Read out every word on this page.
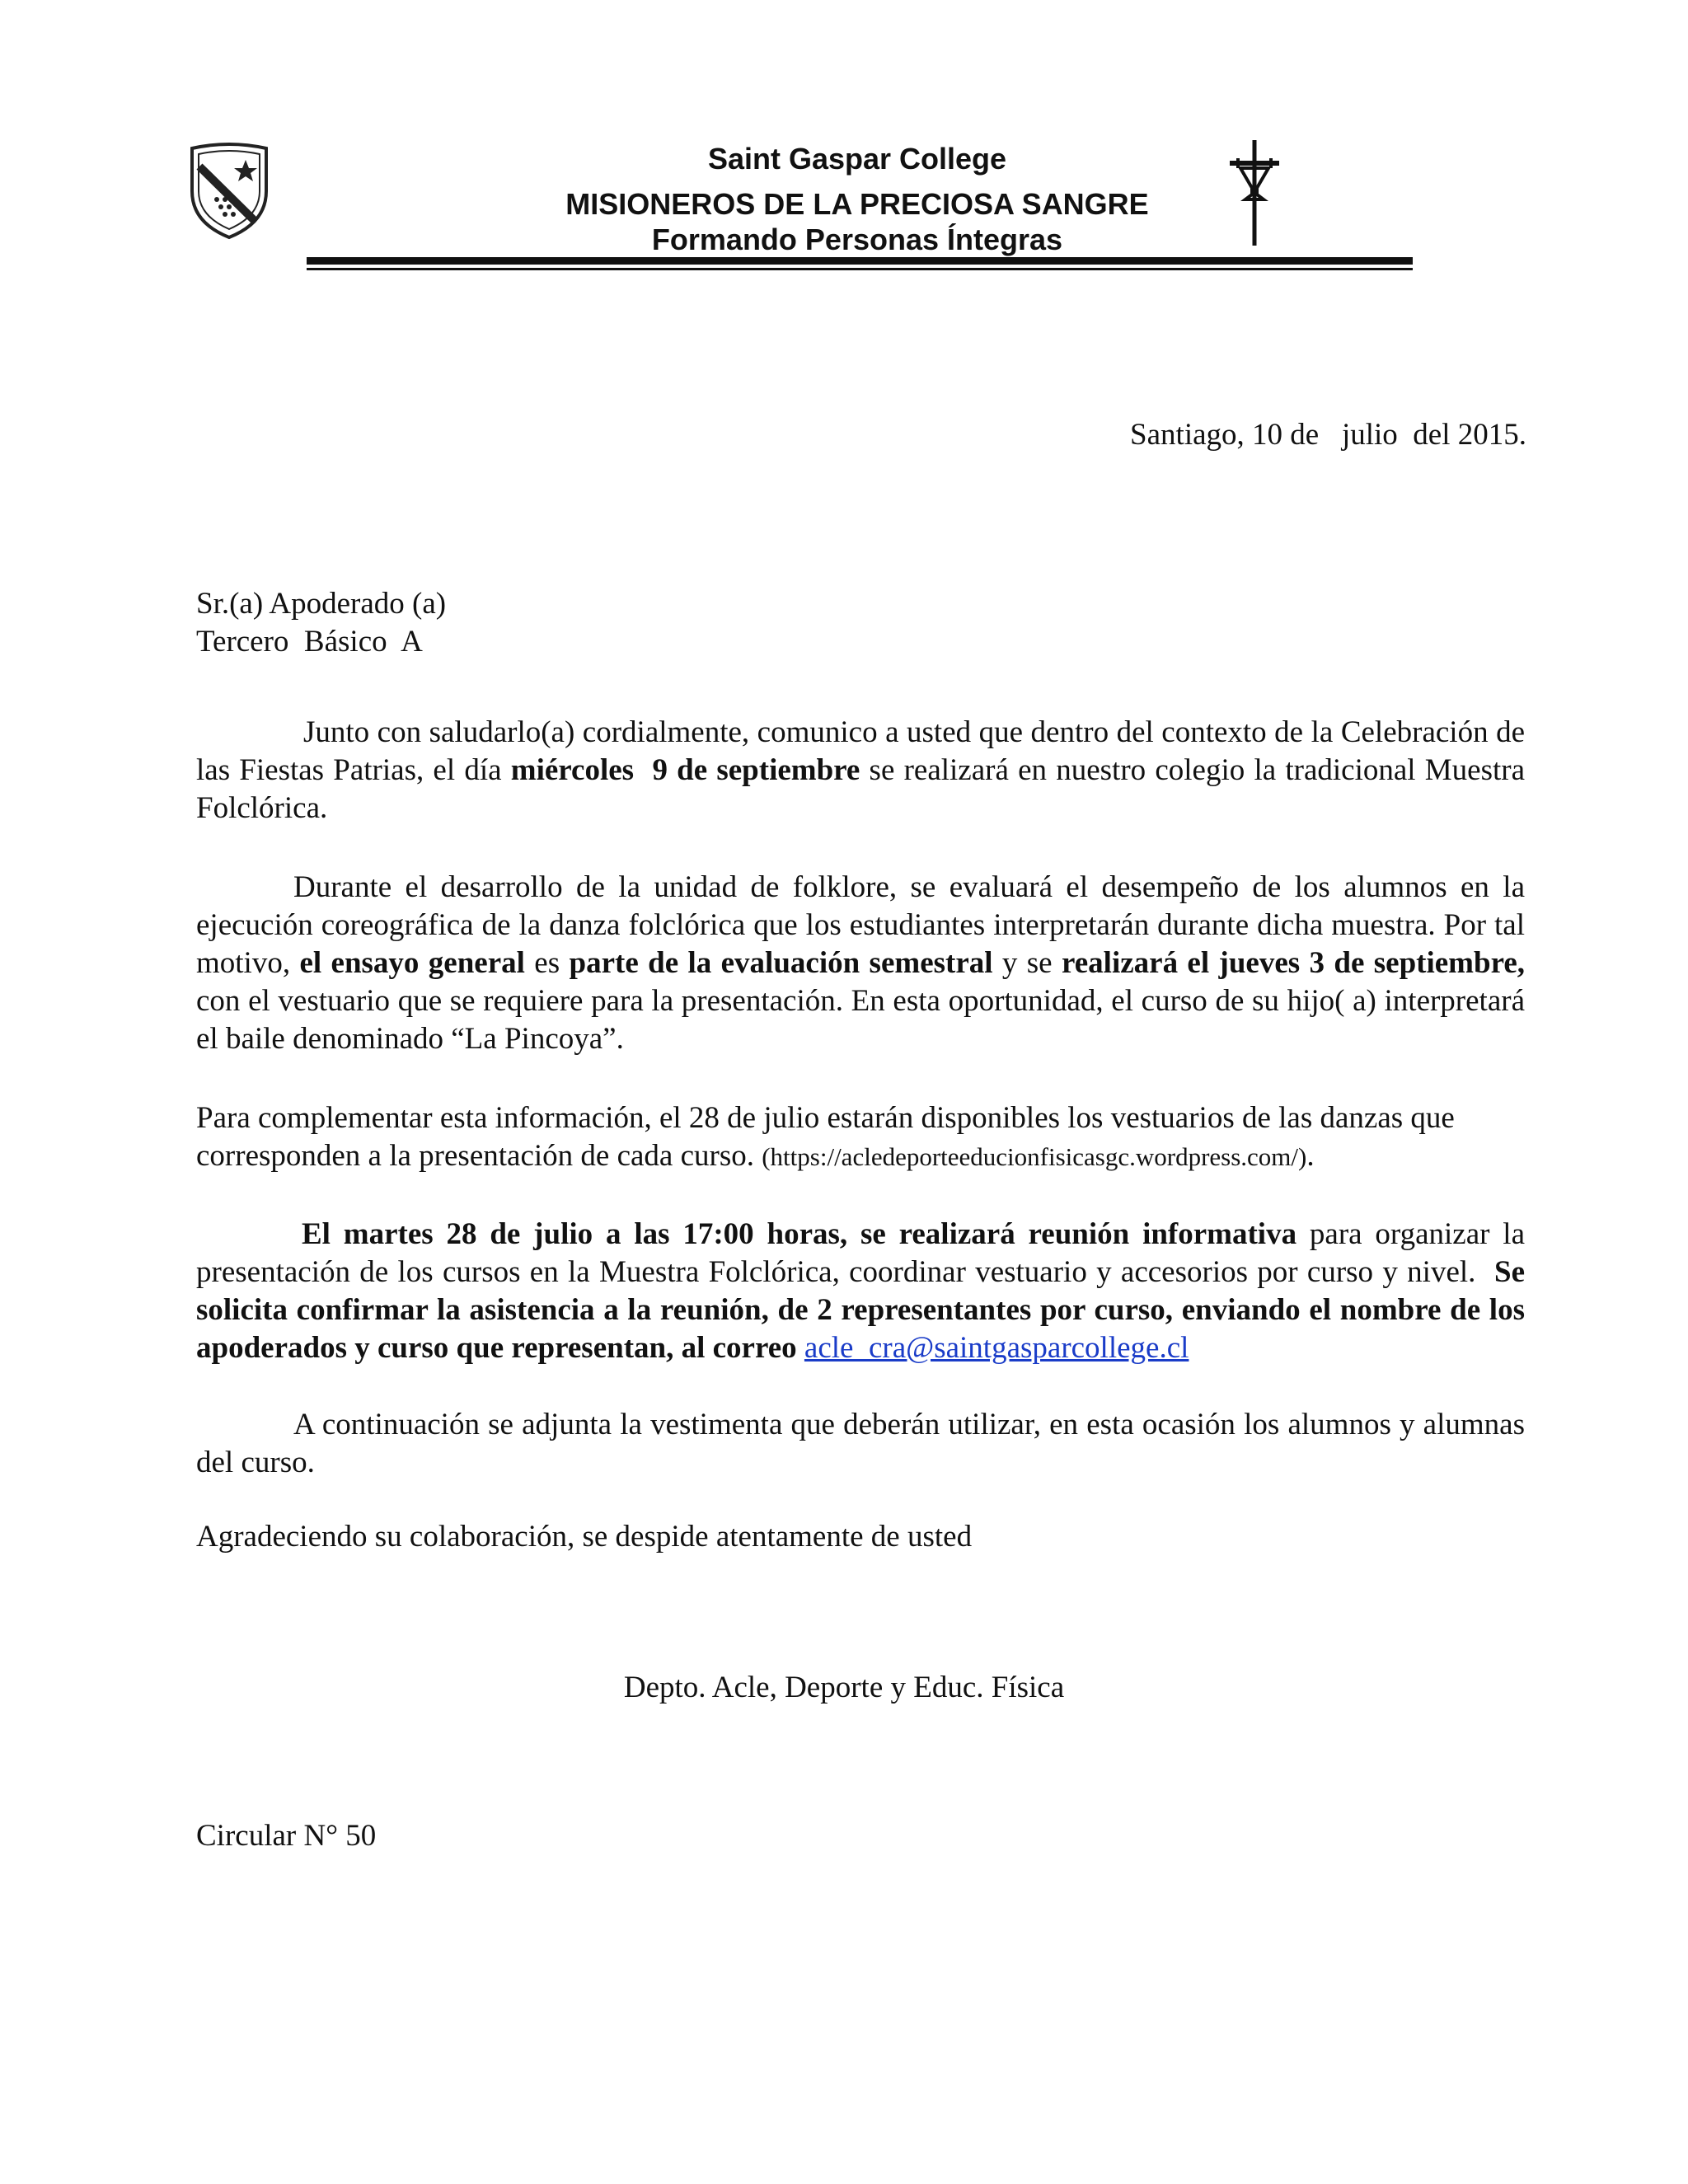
Saint Gaspar College
MISIONEROS DE LA PRECIOSA SANGRE
Formando Personas Íntegras
Santiago, 10 de   julio  del 2015.
Sr.(a) Apoderado (a)
Tercero  Básico  A

Junto con saludarlo(a) cordialmente, comunico a usted que dentro del contexto de la Celebración de las Fiestas Patrias, el día miércoles  9 de septiembre se realizará en nuestro colegio la tradicional Muestra Folclórica.

Durante el desarrollo de la unidad de folklore, se evaluará el desempeño de los alumnos en la ejecución coreográfica de la danza folclórica que los estudiantes interpretarán durante dicha muestra. Por tal motivo, el ensayo general es parte de la evaluación semestral y se realizará el jueves 3 de septiembre, con el vestuario que se requiere para la presentación. En esta oportunidad, el curso de su hijo( a) interpretará el baile denominado “La Pincoya”.

Para complementar esta información, el 28 de julio estarán disponibles los vestuarios de las danzas que corresponden a la presentación de cada curso. (https://acledeporteeducionfisicasgc.wordpress.com/).

El martes 28 de julio a las 17:00 horas, se realizará reunión informativa para organizar la presentación de los cursos en la Muestra Folclórica, coordinar vestuario y accesorios por curso y nivel.  Se solicita confirmar la asistencia a la reunión, de 2 representantes por curso, enviando el nombre de los apoderados y curso que representan, al correo acle_cra@saintgasparcollege.cl

A continuación se adjunta la vestimenta que deberán utilizar, en esta ocasión los alumnos y alumnas del curso.

Agradeciendo su colaboración, se despide atentamente de usted

Depto. Acle, Deporte y Educ. Física
Circular N° 50
